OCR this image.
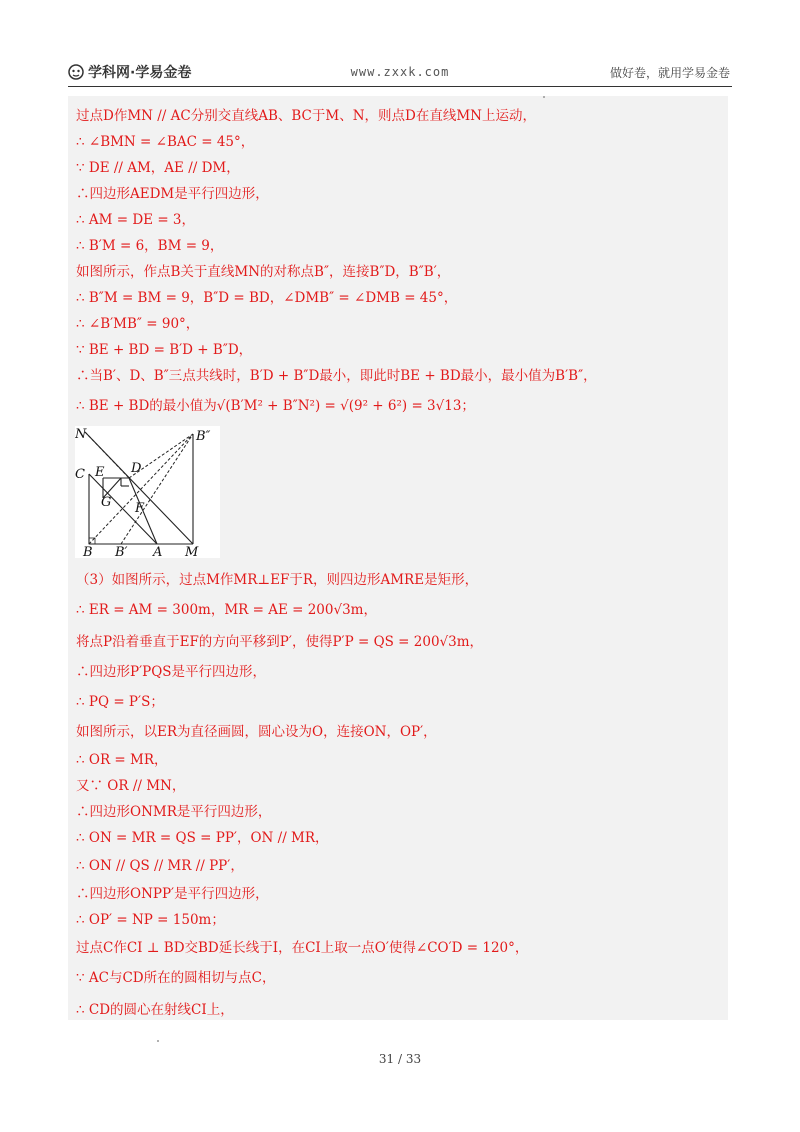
学科网·学易金卷	www.zxxk.com	做好卷，就用学易金卷
过点D作MN // AC分别交直线AB、BC于M、N，则点D在直线MN上运动，
∴ ∠BMN = ∠BAC = 45°，
∵ DE // AM，AE // DM，
∴四边形AEDM是平行四边形，
∴ AM = DE = 3，
∴ B′M = 6，BM = 9，
如图所示，作点B关于直线MN的对称点B″，连接B″D，B″B′，
∴ B″M = BM = 9，B″D = BD，∠DMB″ = ∠DMB = 45°，
∴ ∠B′MB″ = 90°，
∵ BE + BD = B′D + B″D，
∴当B′、D、B″三点共线时，B′D + B″D最小，即此时BE + BD最小，最小值为B′B″，
∴ BE + BD的最小值为√(B′M² + B″N²) = √(9² + 6²) = 3√13；
（3）如图所示，过点M作MR⊥EF于R，则四边形AMRE是矩形，
∴ ER = AM = 300m，MR = AE = 200√3m，
将点P沿着垂直于EF的方向平移到P′，使得P′P = QS = 200√3m，
∴四边形P′PQS是平行四边形，
∴ PQ = P′S；
如图所示，以ER为直径画圆，圆心设为O，连接ON，OP′，
∴ OR = MR，
又∵ OR // MN，
∴四边形ONMR是平行四边形，
∴ ON = MR = QS = PP′，ON // MR，
∴ ON // QS // MR // PP′，
∴四边形ONPP′是平行四边形，
∴ OP′ = NP = 150m；
过点C作CI ⊥ BD交BD延长线于I，在CI上取一点O′使得∠CO′D = 120°，
∵ AC与CD所在的圆相切与点C，
∴ CD的圆心在射线CI上，
N	B″
C E D
G F
B B′ A M
31 / 33
